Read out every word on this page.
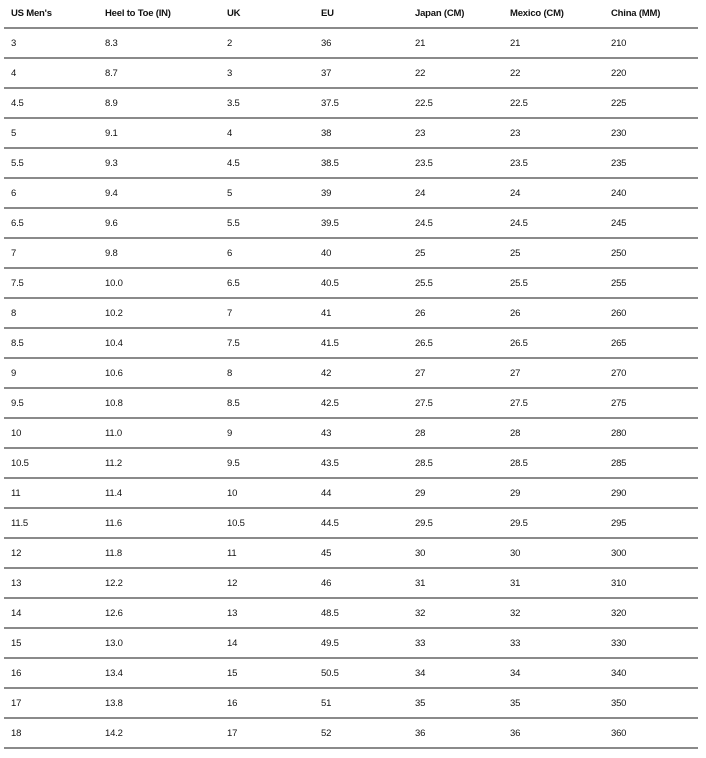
US Men's	Heel to Toe (IN)	UK	EU	Japan (CM)	Mexico (CM)	China (MM)
3	8.3	2	36	21	21	210
4	8.7	3	37	22	22	220
4.5	8.9	3.5	37.5	22.5	22.5	225
5	9.1	4	38	23	23	230
5.5	9.3	4.5	38.5	23.5	23.5	235
6	9.4	5	39	24	24	240
6.5	9.6	5.5	39.5	24.5	24.5	245
7	9.8	6	40	25	25	250
7.5	10.0	6.5	40.5	25.5	25.5	255
8	10.2	7	41	26	26	260
8.5	10.4	7.5	41.5	26.5	26.5	265
9	10.6	8	42	27	27	270
9.5	10.8	8.5	42.5	27.5	27.5	275
10	11.0	9	43	28	28	280
10.5	11.2	9.5	43.5	28.5	28.5	285
11	11.4	10	44	29	29	290
11.5	11.6	10.5	44.5	29.5	29.5	295
12	11.8	11	45	30	30	300
13	12.2	12	46	31	31	310
14	12.6	13	48.5	32	32	320
15	13.0	14	49.5	33	33	330
16	13.4	15	50.5	34	34	340
17	13.8	16	51	35	35	350
18	14.2	17	52	36	36	360
